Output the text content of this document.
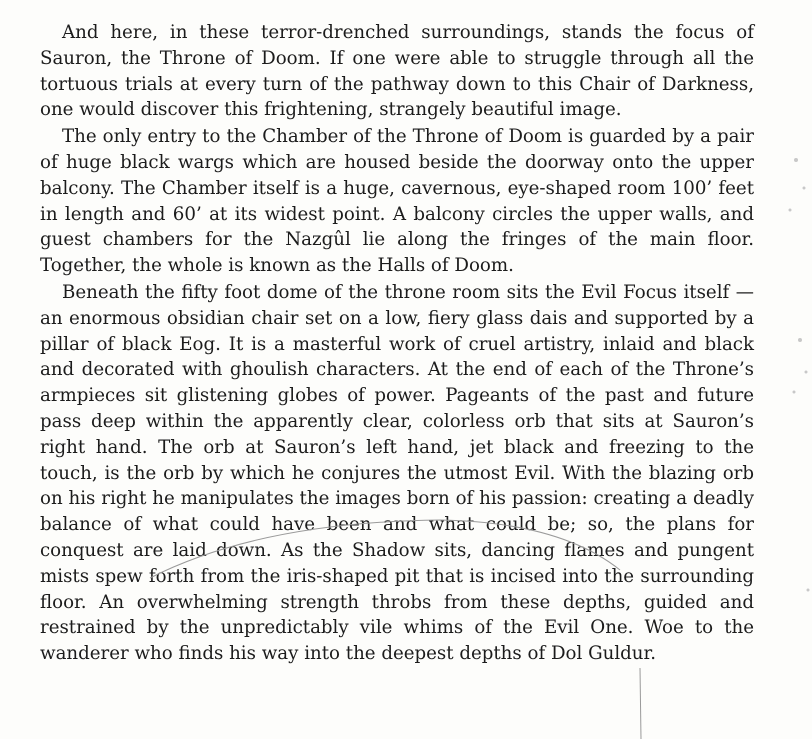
And here, in these terror-drenched surroundings, stands the focus of Sauron, the Throne of Doom. If one were able to struggle through all the tortuous trials at every turn of the pathway down to this Chair of Darkness, one would discover this frightening, strangely beautiful image.

The only entry to the Chamber of the Throne of Doom is guarded by a pair of huge black wargs which are housed beside the doorway onto the upper balcony. The Chamber itself is a huge, cavernous, eye-shaped room 100’ feet in length and 60’ at its widest point. A balcony circles the upper walls, and guest chambers for the Nazgûl lie along the fringes of the main floor. Together, the whole is known as the Halls of Doom.

Beneath the fifty foot dome of the throne room sits the Evil Focus itself — an enormous obsidian chair set on a low, fiery glass dais and supported by a pillar of black Eog. It is a masterful work of cruel artistry, inlaid and black and decorated with ghoulish characters. At the end of each of the Throne’s armpieces sit glistening globes of power. Pageants of the past and future pass deep within the apparently clear, colorless orb that sits at Sauron’s right hand. The orb at Sauron’s left hand, jet black and freezing to the touch, is the orb by which he conjures the utmost Evil. With the blazing orb on his right he manipulates the images born of his passion: creating a deadly balance of what could have been and what could be; so, the plans for conquest are laid down. As the Shadow sits, dancing flames and pungent mists spew forth from the iris-shaped pit that is incised into the surrounding floor. An overwhelming strength throbs from these depths, guided and restrained by the unpredictably vile whims of the Evil One. Woe to the wanderer who finds his way into the deepest depths of Dol Guldur.
